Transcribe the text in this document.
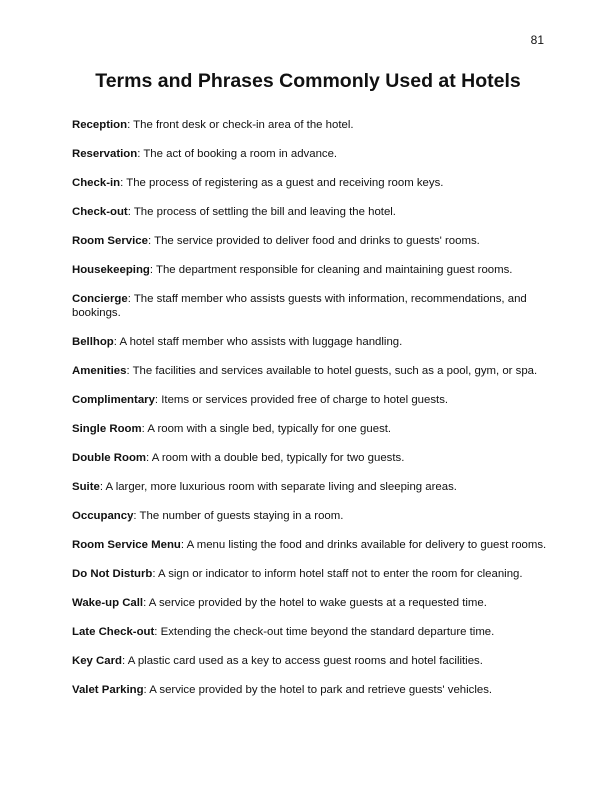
81
Terms and Phrases Commonly Used at Hotels
Reception: The front desk or check-in area of the hotel.
Reservation: The act of booking a room in advance.
Check-in: The process of registering as a guest and receiving room keys.
Check-out: The process of settling the bill and leaving the hotel.
Room Service: The service provided to deliver food and drinks to guests' rooms.
Housekeeping: The department responsible for cleaning and maintaining guest rooms.
Concierge: The staff member who assists guests with information, recommendations, and bookings.
Bellhop: A hotel staff member who assists with luggage handling.
Amenities: The facilities and services available to hotel guests, such as a pool, gym, or spa.
Complimentary: Items or services provided free of charge to hotel guests.
Single Room: A room with a single bed, typically for one guest.
Double Room: A room with a double bed, typically for two guests.
Suite: A larger, more luxurious room with separate living and sleeping areas.
Occupancy: The number of guests staying in a room.
Room Service Menu: A menu listing the food and drinks available for delivery to guest rooms.
Do Not Disturb: A sign or indicator to inform hotel staff not to enter the room for cleaning.
Wake-up Call: A service provided by the hotel to wake guests at a requested time.
Late Check-out: Extending the check-out time beyond the standard departure time.
Key Card: A plastic card used as a key to access guest rooms and hotel facilities.
Valet Parking: A service provided by the hotel to park and retrieve guests' vehicles.
